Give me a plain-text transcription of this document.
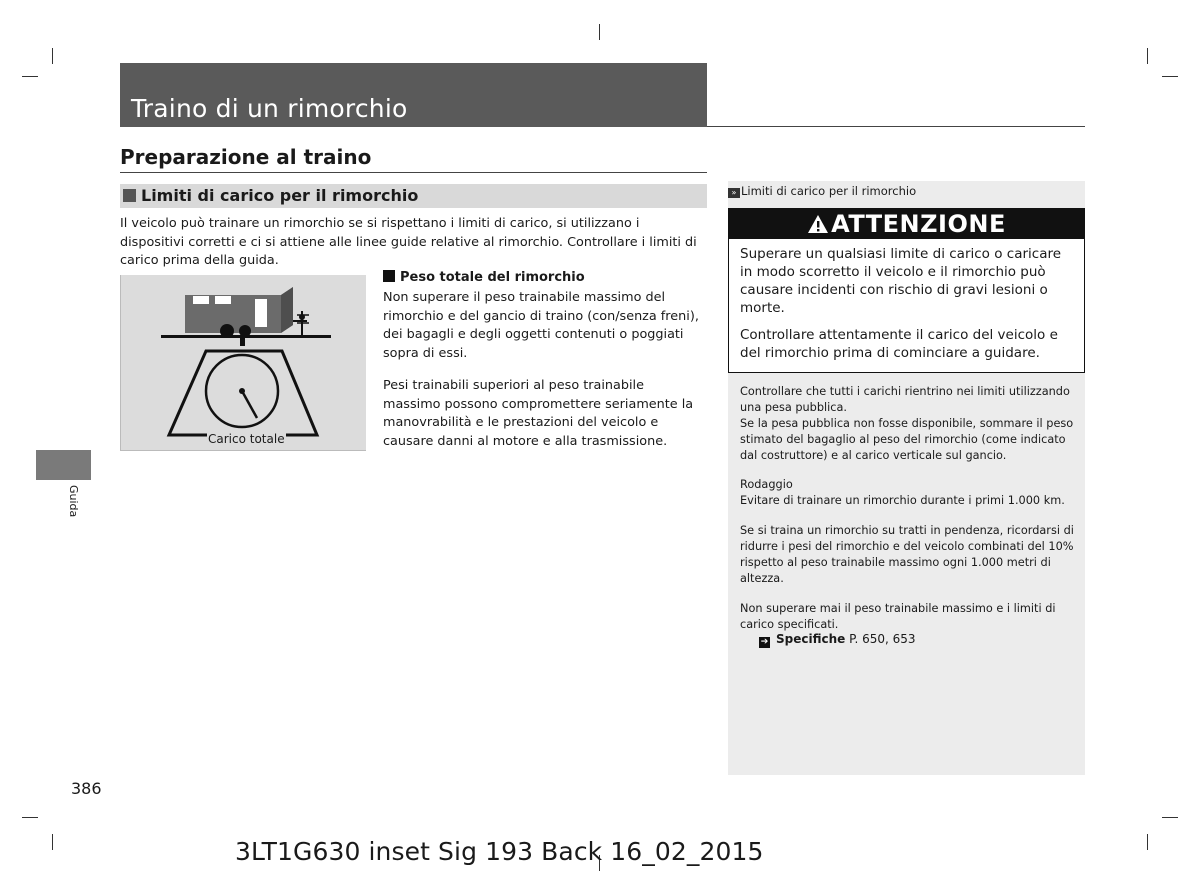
Traino di un rimorchio
Preparazione al traino
Limiti di carico per il rimorchio
Il veicolo può trainare un rimorchio se si rispettano i limiti di carico, si utilizzano i dispositivi corretti e ci si attiene alle linee guide relative al rimorchio. Controllare i limiti di carico prima della guida.
Carico totale
Peso totale del rimorchio
Non superare il peso trainabile massimo del rimorchio e del gancio di traino (con/senza freni), dei bagagli e degli oggetti contenuti o poggiati sopra di essi.
Pesi trainabili superiori al peso trainabile massimo possono compromettere seriamente la manovrabilità e le prestazioni del veicolo e causare danni al motore e alla trasmissione.
» Limiti di carico per il rimorchio
ATTENZIONE
Superare un qualsiasi limite di carico o caricare in modo scorretto il veicolo e il rimorchio può causare incidenti con rischio di gravi lesioni o morte.
Controllare attentamente il carico del veicolo e del rimorchio prima di cominciare a guidare.
Controllare che tutti i carichi rientrino nei limiti utilizzando una pesa pubblica.
Se la pesa pubblica non fosse disponibile, sommare il peso stimato del bagaglio al peso del rimorchio (come indicato dal costruttore) e al carico verticale sul gancio.
Rodaggio
Evitare di trainare un rimorchio durante i primi 1.000 km.
Se si traina un rimorchio su tratti in pendenza, ricordarsi di ridurre i pesi del rimorchio e del veicolo combinati del 10% rispetto al peso trainabile massimo ogni 1.000 metri di altezza.
Non superare mai il peso trainabile massimo e i limiti di carico specificati.
➔ Specifiche P. 650, 653
Guida
386
3LT1G630 inset Sig 193 Back 16_02_2015
